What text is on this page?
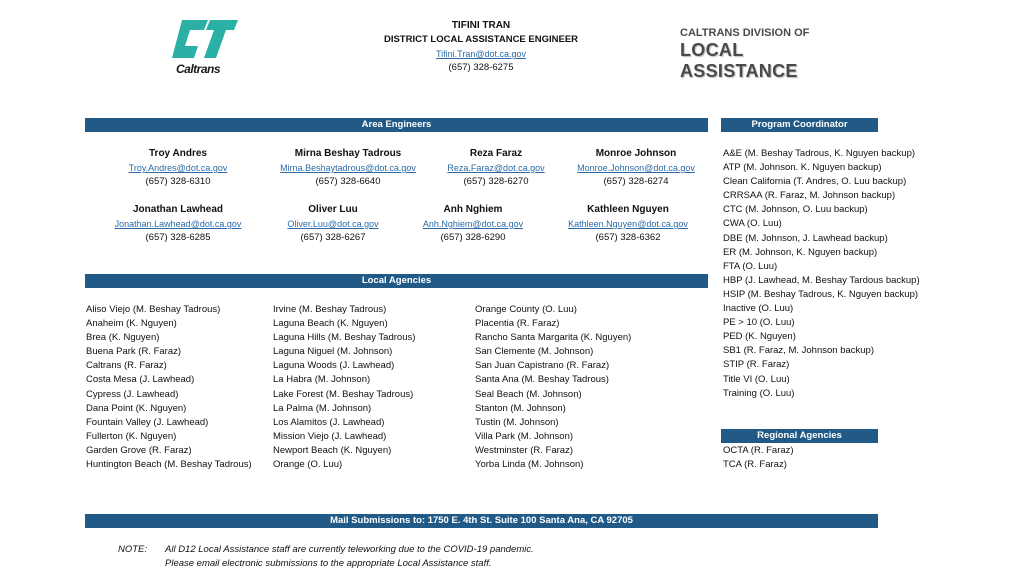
Caltrans
TIFINI TRAN
DISTRICT LOCAL ASSISTANCE ENGINEER
Tifini.Tran@dot.ca.gov
(657) 328-6275
CALTRANS DIVISION OF
LOCAL ASSISTANCE
Area Engineers	Program Coordinator
Local Agencies
Regional Agencies
Mail Submissions to: 1750 E. 4th St. Suite 100 Santa Ana, CA 92705
Troy Andres
Troy.Andres@dot.ca.gov
(657) 328-6310
Mirna Beshay Tadrous
Mirna.Beshaytadrous@dot.ca.gov
(657) 328-6640
Reza Faraz
Reza.Faraz@dot.ca.gov
(657) 328-6270
Monroe Johnson
Monroe.Johnson@dot.ca.gov
(657) 328-6274
Jonathan Lawhead
Jonathan.Lawhead@dot.ca.gov
(657) 328-6285
Oliver Luu
Oliver.Luu@dot.ca.gov
(657) 328-6267
Anh Nghiem
Anh.Nghiem@dot.ca.gov
(657) 328-6290
Kathleen Nguyen
Kathleen.Nguyen@dot.ca.gov
(657) 328-6362
A&E (M. Beshay Tadrous, K. Nguyen backup)
ATP (M. Johnson. K. Nguyen backup)
Clean California (T. Andres, O. Luu backup)
CRRSAA (R. Faraz, M. Johnson backup)
CTC (M. Johnson, O. Luu backup)
CWA (O. Luu)
DBE (M. Johnson, J. Lawhead backup)
ER (M. Johnson, K. Nguyen backup)
FTA (O. Luu)
HBP (J. Lawhead, M. Beshay Tardous backup)
HSIP (M. Beshay Tadrous, K. Nguyen backup)
Inactive (O. Luu)
PE > 10 (O. Luu)
PED (K. Nguyen)
SB1 (R. Faraz, M. Johnson backup)
STIP (R. Faraz)
Title VI (O. Luu)
Training (O. Luu)
Aliso Viejo (M. Beshay Tadrous)
Anaheim (K. Nguyen)
Brea (K. Nguyen)
Buena Park (R. Faraz)
Caltrans (R. Faraz)
Costa Mesa (J. Lawhead)
Cypress (J. Lawhead)
Dana Point (K. Nguyen)
Fountain Valley (J. Lawhead)
Fullerton (K. Nguyen)
Garden Grove (R. Faraz)
Huntington Beach (M. Beshay Tadrous)
Irvine (M. Beshay Tadrous)
Laguna Beach (K. Nguyen)
Laguna Hills (M. Beshay Tadrous)
Laguna Niguel (M. Johnson)
Laguna Woods (J. Lawhead)
La Habra (M. Johnson)
Lake Forest (M. Beshay Tadrous)
La Palma (M. Johnson)
Los Alamitos (J. Lawhead)
Mission Viejo (J. Lawhead)
Newport Beach (K. Nguyen)
Orange (O. Luu)
Orange County (O. Luu)
Placentia (R. Faraz)
Rancho Santa Margarita (K. Nguyen)
San Clemente (M. Johnson)
San Juan Capistrano (R. Faraz)
Santa Ana (M. Beshay Tadrous)
Seal Beach (M. Johnson)
Stanton (M. Johnson)
Tustin (M. Johnson)
Villa Park (M. Johnson)
Westminster (R. Faraz)
Yorba Linda (M. Johnson)
OCTA (R. Faraz)
TCA (R. Faraz)
NOTE: All D12 Local Assistance staff are currently teleworking due to the COVID-19 pandemic.
Please email electronic submissions to the appropriate Local Assistance staff.
